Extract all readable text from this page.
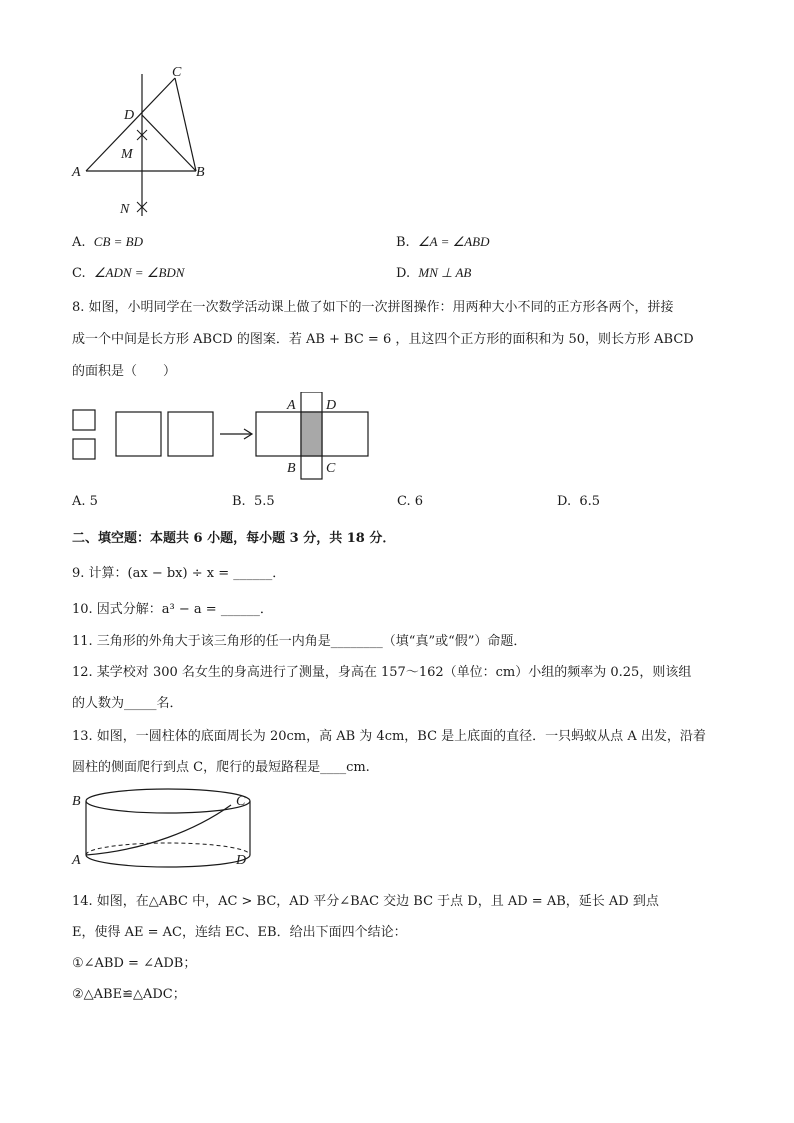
C
D
M
A	B
N
A. CB = BD	B. ∠A = ∠ABD
C. ∠ADN = ∠BDN	D. MN ⊥ AB
8. 如图，小明同学在一次数学活动课上做了如下的一次拼图操作：用两种大小不同的正方形各两个，拼接
成一个中间是长方形 ABCD 的图案．若 AB + BC = 6 ，且这四个正方形的面积和为 50，则长方形 ABCD
的面积是（　　）
A D
B C
A. 5	B. 5.5	C. 6	D. 6.5
二、填空题：本题共 6 小题，每小题 3 分，共 18 分．
9. 计算：(ax − bx) ÷ x = ______．
10. 因式分解：a³ − a = ______．
11. 三角形的外角大于该三角形的任一内角是________（填“真”或“假”）命题．
12. 某学校对 300 名女生的身高进行了测量，身高在 157～162（单位：cm）小组的频率为 0.25，则该组
的人数为_____名．
13. 如图，一圆柱体的底面周长为 20cm，高 AB 为 4cm，BC 是上底面的直径．一只蚂蚁从点 A 出发，沿着
圆柱的侧面爬行到点 C，爬行的最短路程是____cm.
B	C
A	D
14. 如图，在△ABC 中，AC > BC，AD 平分∠BAC 交边 BC 于点 D，且 AD = AB，延长 AD 到点
E，使得 AE = AC，连结 EC、EB．给出下面四个结论：
①∠ABD = ∠ADB；
②△ABE≌△ADC；
